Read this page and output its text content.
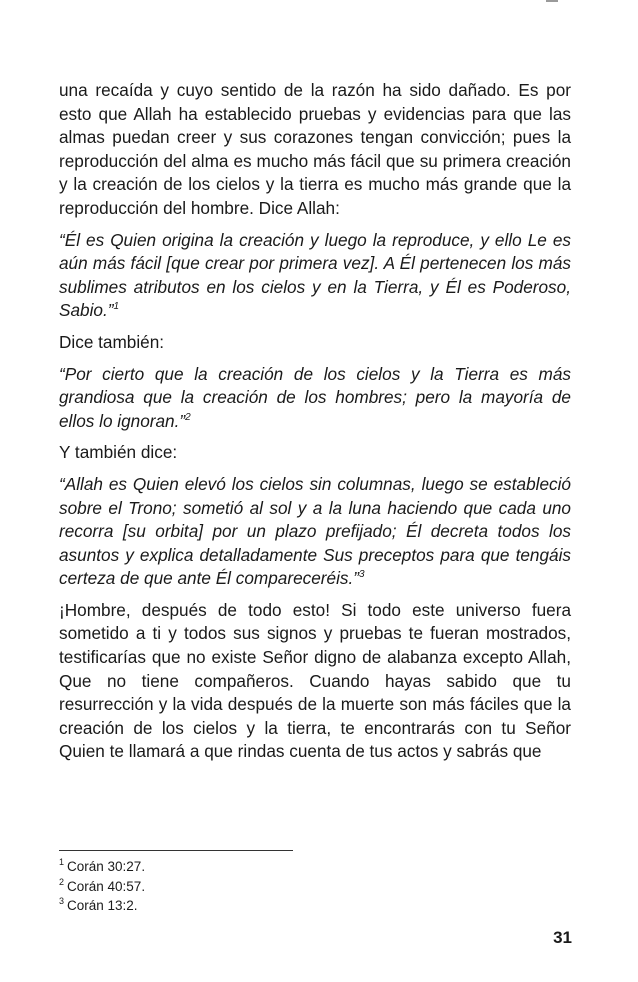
una recaída y cuyo sentido de la razón ha sido dañado. Es por esto que Allah ha establecido pruebas y evidencias para que las almas puedan creer y sus corazones tengan convicción; pues la reproducción del alma es mucho más fácil que su primera creación y la creación de los cielos y la tierra es mucho más grande que la reproducción del hombre. Dice Allah:

“Él es Quien origina la creación y luego la reproduce, y ello Le es aún más fácil [que crear por primera vez]. A Él pertenecen los más sublimes atributos en los cielos y en la Tierra, y Él es Poderoso, Sabio.”$^1$

Dice también:

“Por cierto que la creación de los cielos y la Tierra es más grandiosa que la creación de los hombres; pero la mayoría de ellos lo ignoran.”$^2$

Y también dice:

“Allah es Quien elevó los cielos sin columnas, luego se estableció sobre el Trono; sometió al sol y a la luna haciendo que cada uno recorra [su orbita] por un plazo prefijado; Él decreta todos los asuntos y explica detalladamente Sus preceptos para que tengáis certeza de que ante Él compareceréis.”$^3$

¡Hombre, después de todo esto! Si todo este universo fuera sometido a ti y todos sus signos y pruebas te fueran mostrados, testificarías que no existe Señor digno de alabanza excepto Allah, Que no tiene compañeros. Cuando hayas sabido que tu resurrección y la vida después de la muerte son más fáciles que la creación de los cielos y la tierra, te encontrarás con tu Señor Quien te llamará a que rindas cuenta de tus actos y sabrás que

$^1$ Corán 30:27.
$^2$ Corán 40:57.
$^3$ Corán 13:2.
31
